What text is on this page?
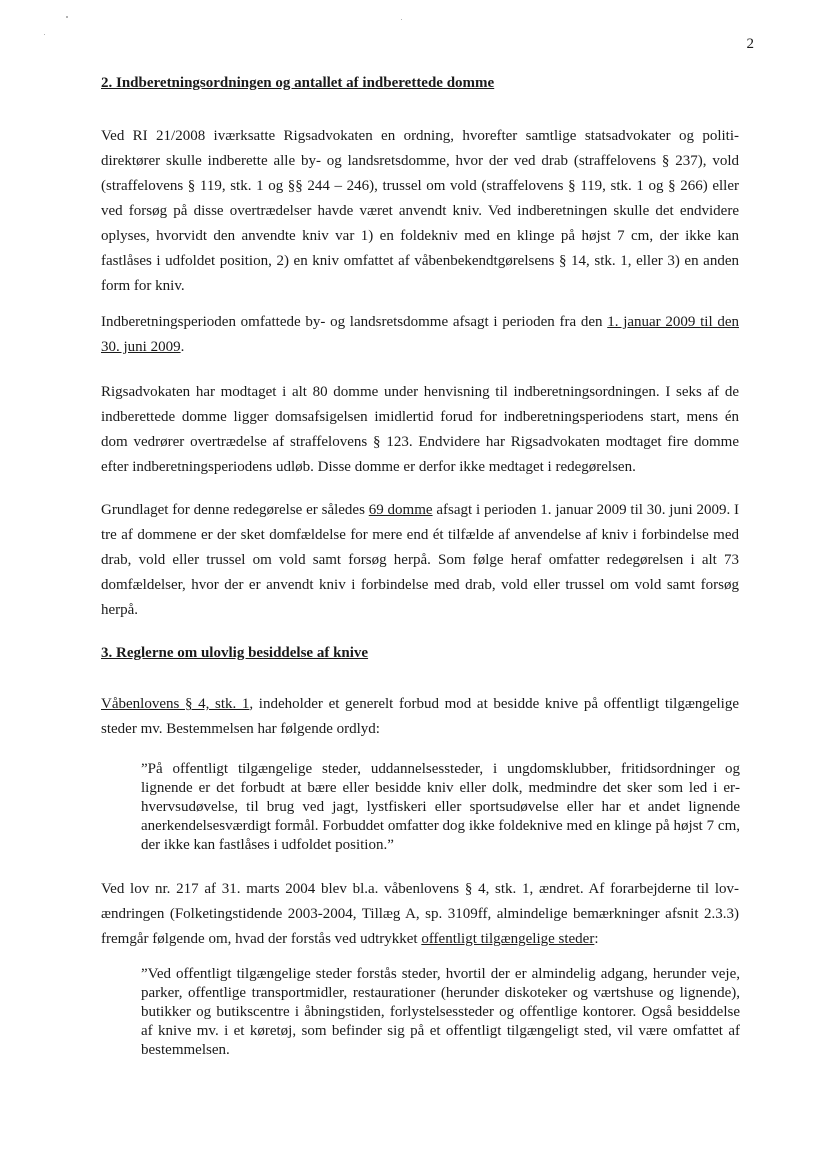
2
2. Indberetningsordningen og antallet af indberettede domme
Ved RI 21/2008 iværksatte Rigsadvokaten en ordning, hvorefter samtlige statsadvokater og politidirektører skulle indberette alle by- og landsretsdomme, hvor der ved drab (straffelovens § 237), vold (straffelovens § 119, stk. 1 og §§ 244 – 246), trussel om vold (straffelovens § 119, stk. 1 og § 266) eller ved forsøg på disse overtrædelser havde været anvendt kniv. Ved indberetningen skulle det endvidere oplyses, hvorvidt den anvendte kniv var 1) en foldekniv med en klinge på højst 7 cm, der ikke kan fastlåses i udfoldet position, 2) en kniv omfattet af våbenbekendtgørelsens § 14, stk. 1, eller 3) en anden form for kniv.
Indberetningsperioden omfattede by- og landsretsdomme afsagt i perioden fra den 1. januar 2009 til den 30. juni 2009.
Rigsadvokaten har modtaget i alt 80 domme under henvisning til indberetningsordningen. I seks af de indberettede domme ligger domsafsigelsen imidlertid forud for indberetningsperiodens start, mens én dom vedrører overtrædelse af straffelovens § 123. Endvidere har Rigsadvokaten modtaget fire domme efter indberetningsperiodens udløb. Disse domme er derfor ikke medtaget i redegørelsen.
Grundlaget for denne redegørelse er således 69 domme afsagt i perioden 1. januar 2009 til 30. juni 2009. I tre af dommene er der sket domfældelse for mere end ét tilfælde af anvendelse af kniv i forbindelse med drab, vold eller trussel om vold samt forsøg herpå. Som følge heraf omfatter redegørelsen i alt 73 domfældelser, hvor der er anvendt kniv i forbindelse med drab, vold eller trussel om vold samt forsøg herpå.
3. Reglerne om ulovlig besiddelse af knive
Våbenlovens § 4, stk. 1, indeholder et generelt forbud mod at besidde knive på offentligt tilgængelige steder mv. Bestemmelsen har følgende ordlyd:
”På offentligt tilgængelige steder, uddannelsessteder, i ungdomsklubber, fritidsordninger og lignende er det forbudt at bære eller besidde kniv eller dolk, medmindre det sker som led i erhvervsudøvelse, til brug ved jagt, lystfiskeri eller sportsudøvelse eller har et andet lignende anerkendelsesværdigt formål. Forbuddet omfatter dog ikke foldeknive med en klinge på højst 7 cm, der ikke kan fastlåses i udfoldet position.”
Ved lov nr. 217 af 31. marts 2004 blev bl.a. våbenlovens § 4, stk. 1, ændret. Af forarbejderne til lovændringen (Folketingstidende 2003-2004, Tillæg A, sp. 3109ff, almindelige bemærkninger afsnit 2.3.3) fremgår følgende om, hvad der forstås ved udtrykket offentligt tilgængelige steder:
”Ved offentligt tilgængelige steder forstås steder, hvortil der er almindelig adgang, herunder veje, parker, offentlige transportmidler, restaurationer (herunder diskoteker og værtshuse og lignende), butikker og butikscentre i åbningstiden, forlystelsessteder og offentlige kontorer. Også besiddelse af knive mv. i et køretøj, som befinder sig på et offentligt tilgængeligt sted, vil være omfattet af bestemmelsen.
